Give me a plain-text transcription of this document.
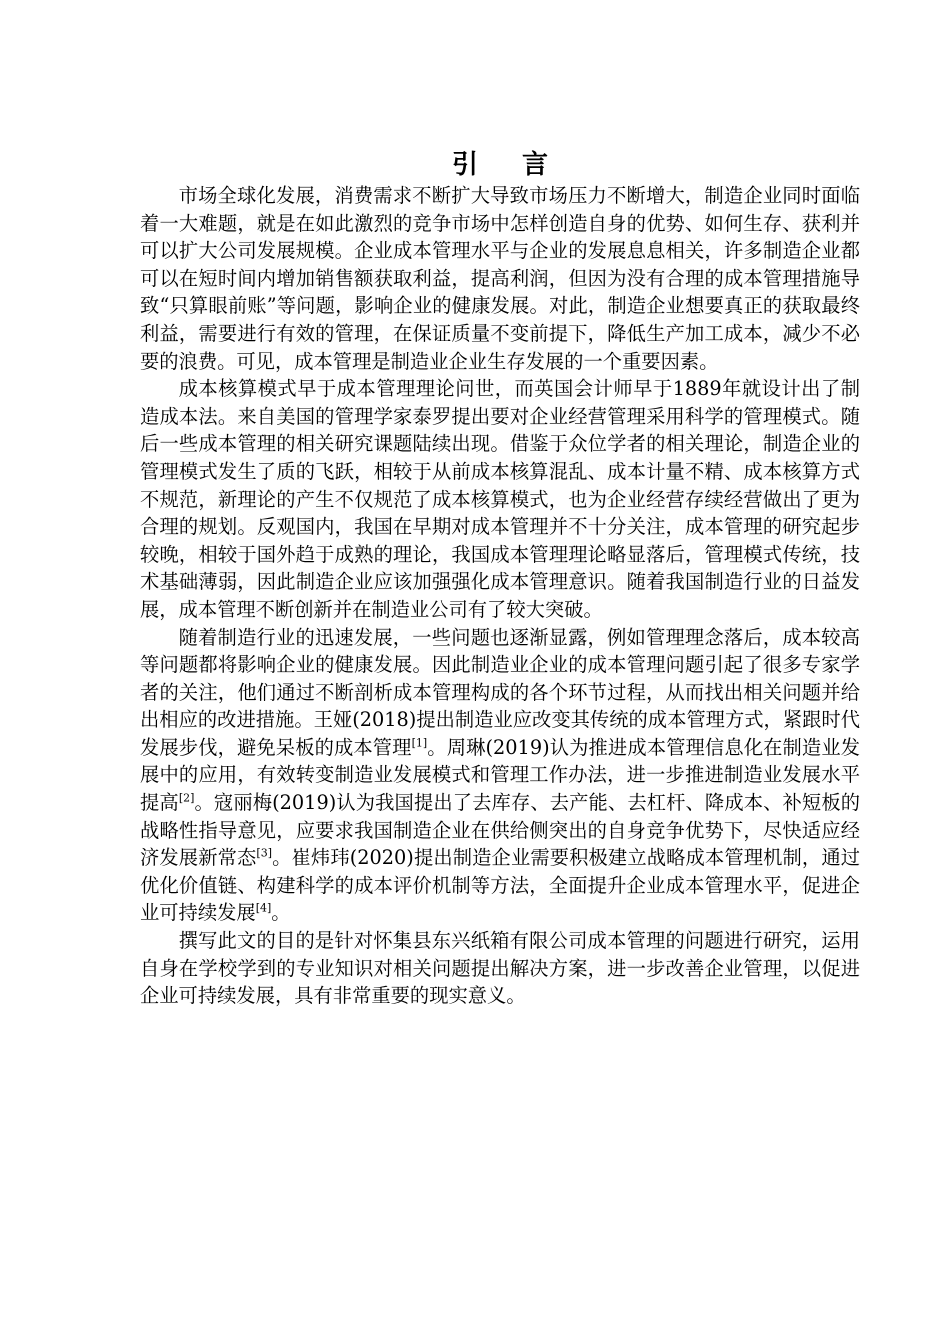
引言

市场全球化发展，消费需求不断扩大导致市场压力不断增大，制造企业同时面临着一大难题，就是在如此激烈的竞争市场中怎样创造自身的优势、如何生存、获利并可以扩大公司发展规模。企业成本管理水平与企业的发展息息相关，许多制造企业都可以在短时间内增加销售额获取利益，提高利润，但因为没有合理的成本管理措施导致“只算眼前账”等问题，影响企业的健康发展。对此，制造企业想要真正的获取最终利益，需要进行有效的管理，在保证质量不变前提下，降低生产加工成本，减少不必要的浪费。可见，成本管理是制造业企业生存发展的一个重要因素。

成本核算模式早于成本管理理论问世，而英国会计师早于1889年就设计出了制造成本法。来自美国的管理学家泰罗提出要对企业经营管理采用科学的管理模式。随后一些成本管理的相关研究课题陆续出现。借鉴于众位学者的相关理论，制造企业的管理模式发生了质的飞跃，相较于从前成本核算混乱、成本计量不精、成本核算方式不规范，新理论的产生不仅规范了成本核算模式，也为企业经营存续经营做出了更为合理的规划。反观国内，我国在早期对成本管理并不十分关注，成本管理的研究起步较晚，相较于国外趋于成熟的理论，我国成本管理理论略显落后，管理模式传统，技术基础薄弱，因此制造企业应该加强强化成本管理意识。随着我国制造行业的日益发展，成本管理不断创新并在制造业公司有了较大突破。

随着制造行业的迅速发展，一些问题也逐渐显露，例如管理理念落后，成本较高等问题都将影响企业的健康发展。因此制造业企业的成本管理问题引起了很多专家学者的关注，他们通过不断剖析成本管理构成的各个环节过程，从而找出相关问题并给出相应的改进措施。王娅(2018)提出制造业应改变其传统的成本管理方式，紧跟时代发展步伐，避免呆板的成本管理[1]。周琳(2019)认为推进成本管理信息化在制造业发展中的应用，有效转变制造业发展模式和管理工作办法，进一步推进制造业发展水平提高[2]。寇丽梅(2019)认为我国提出了去库存、去产能、去杠杆、降成本、补短板的战略性指导意见，应要求我国制造企业在供给侧突出的自身竞争优势下，尽快适应经济发展新常态[3]。崔炜玮(2020)提出制造企业需要积极建立战略成本管理机制，通过优化价值链、构建科学的成本评价机制等方法，全面提升企业成本管理水平，促进企业可持续发展[4]。

撰写此文的目的是针对怀集县东兴纸箱有限公司成本管理的问题进行研究，运用自身在学校学到的专业知识对相关问题提出解决方案，进一步改善企业管理，以促进企业可持续发展，具有非常重要的现实意义。
